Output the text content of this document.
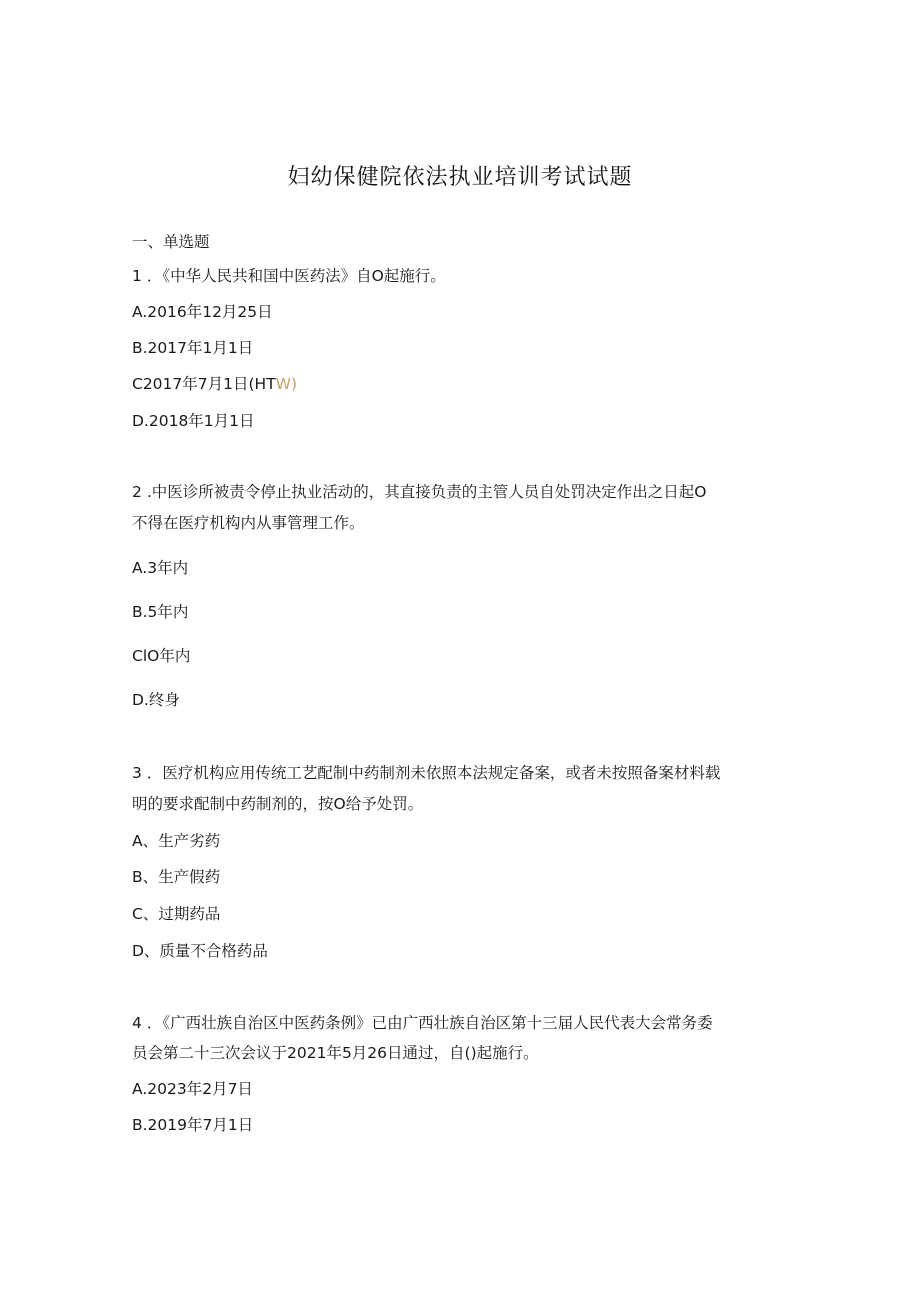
妇幼保健院依法执业培训考试试题
一、单选题
1 ．《中华人民共和国中医药法》自O起施行。
A.2016年12月25日
B.2017年1月1日
C2017年7月1日(HTW)
D.2018年1月1日
2 .中医诊所被责令停止执业活动的，其直接负责的主管人员自处罚决定作出之日起O
不得在医疗机构内从事管理工作。
A.3年内
B.5年内
ClO年内
D.终身
3 ．医疗机构应用传统工艺配制中药制剂未依照本法规定备案，或者未按照备案材料载
明的要求配制中药制剂的，按O给予处罚。
A、生产劣药
B、生产假药
C、过期药品
D、质量不合格药品
4 ．《广西壮族自治区中医药条例》已由广西壮族自治区第十三届人民代表大会常务委
员会第二十三次会议于2021年5月26日通过，自()起施行。
A.2023年2月7日
B.2019年7月1日
